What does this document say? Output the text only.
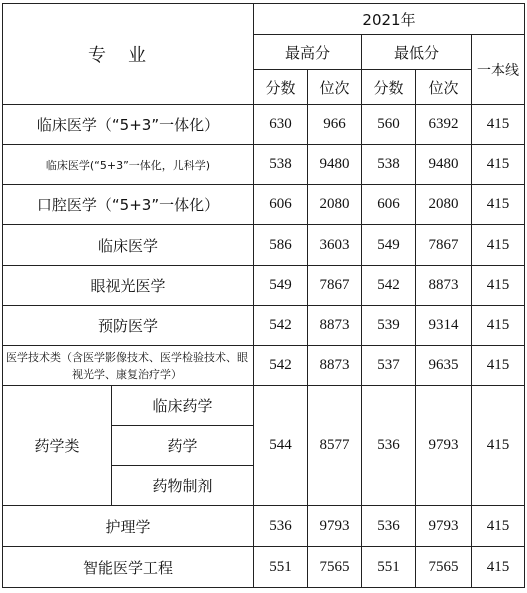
专业		2021年				
		最高分		最低分		一本线
		分数	位次	分数	位次	
临床医学（“5+3”一体化）		630	966	560	6392	415
临床医学(“5+3”一体化，儿科学)		538	9480	538	9480	415
口腔医学（“5+3”一体化）		606	2080	606	2080	415
临床医学		586	3603	549	7867	415
眼视光医学		549	7867	542	8873	415
预防医学		542	8873	539	9314	415
医学技术类（含医学影像技术、医学检验技术、眼视光学、康复治疗学）		542	8873	537	9635	415
药学类	临床药学	544	8577	536	9793	415
	药学					
	药物制剂					
护理学		536	9793	536	9793	415
智能医学工程		551	7565	551	7565	415
